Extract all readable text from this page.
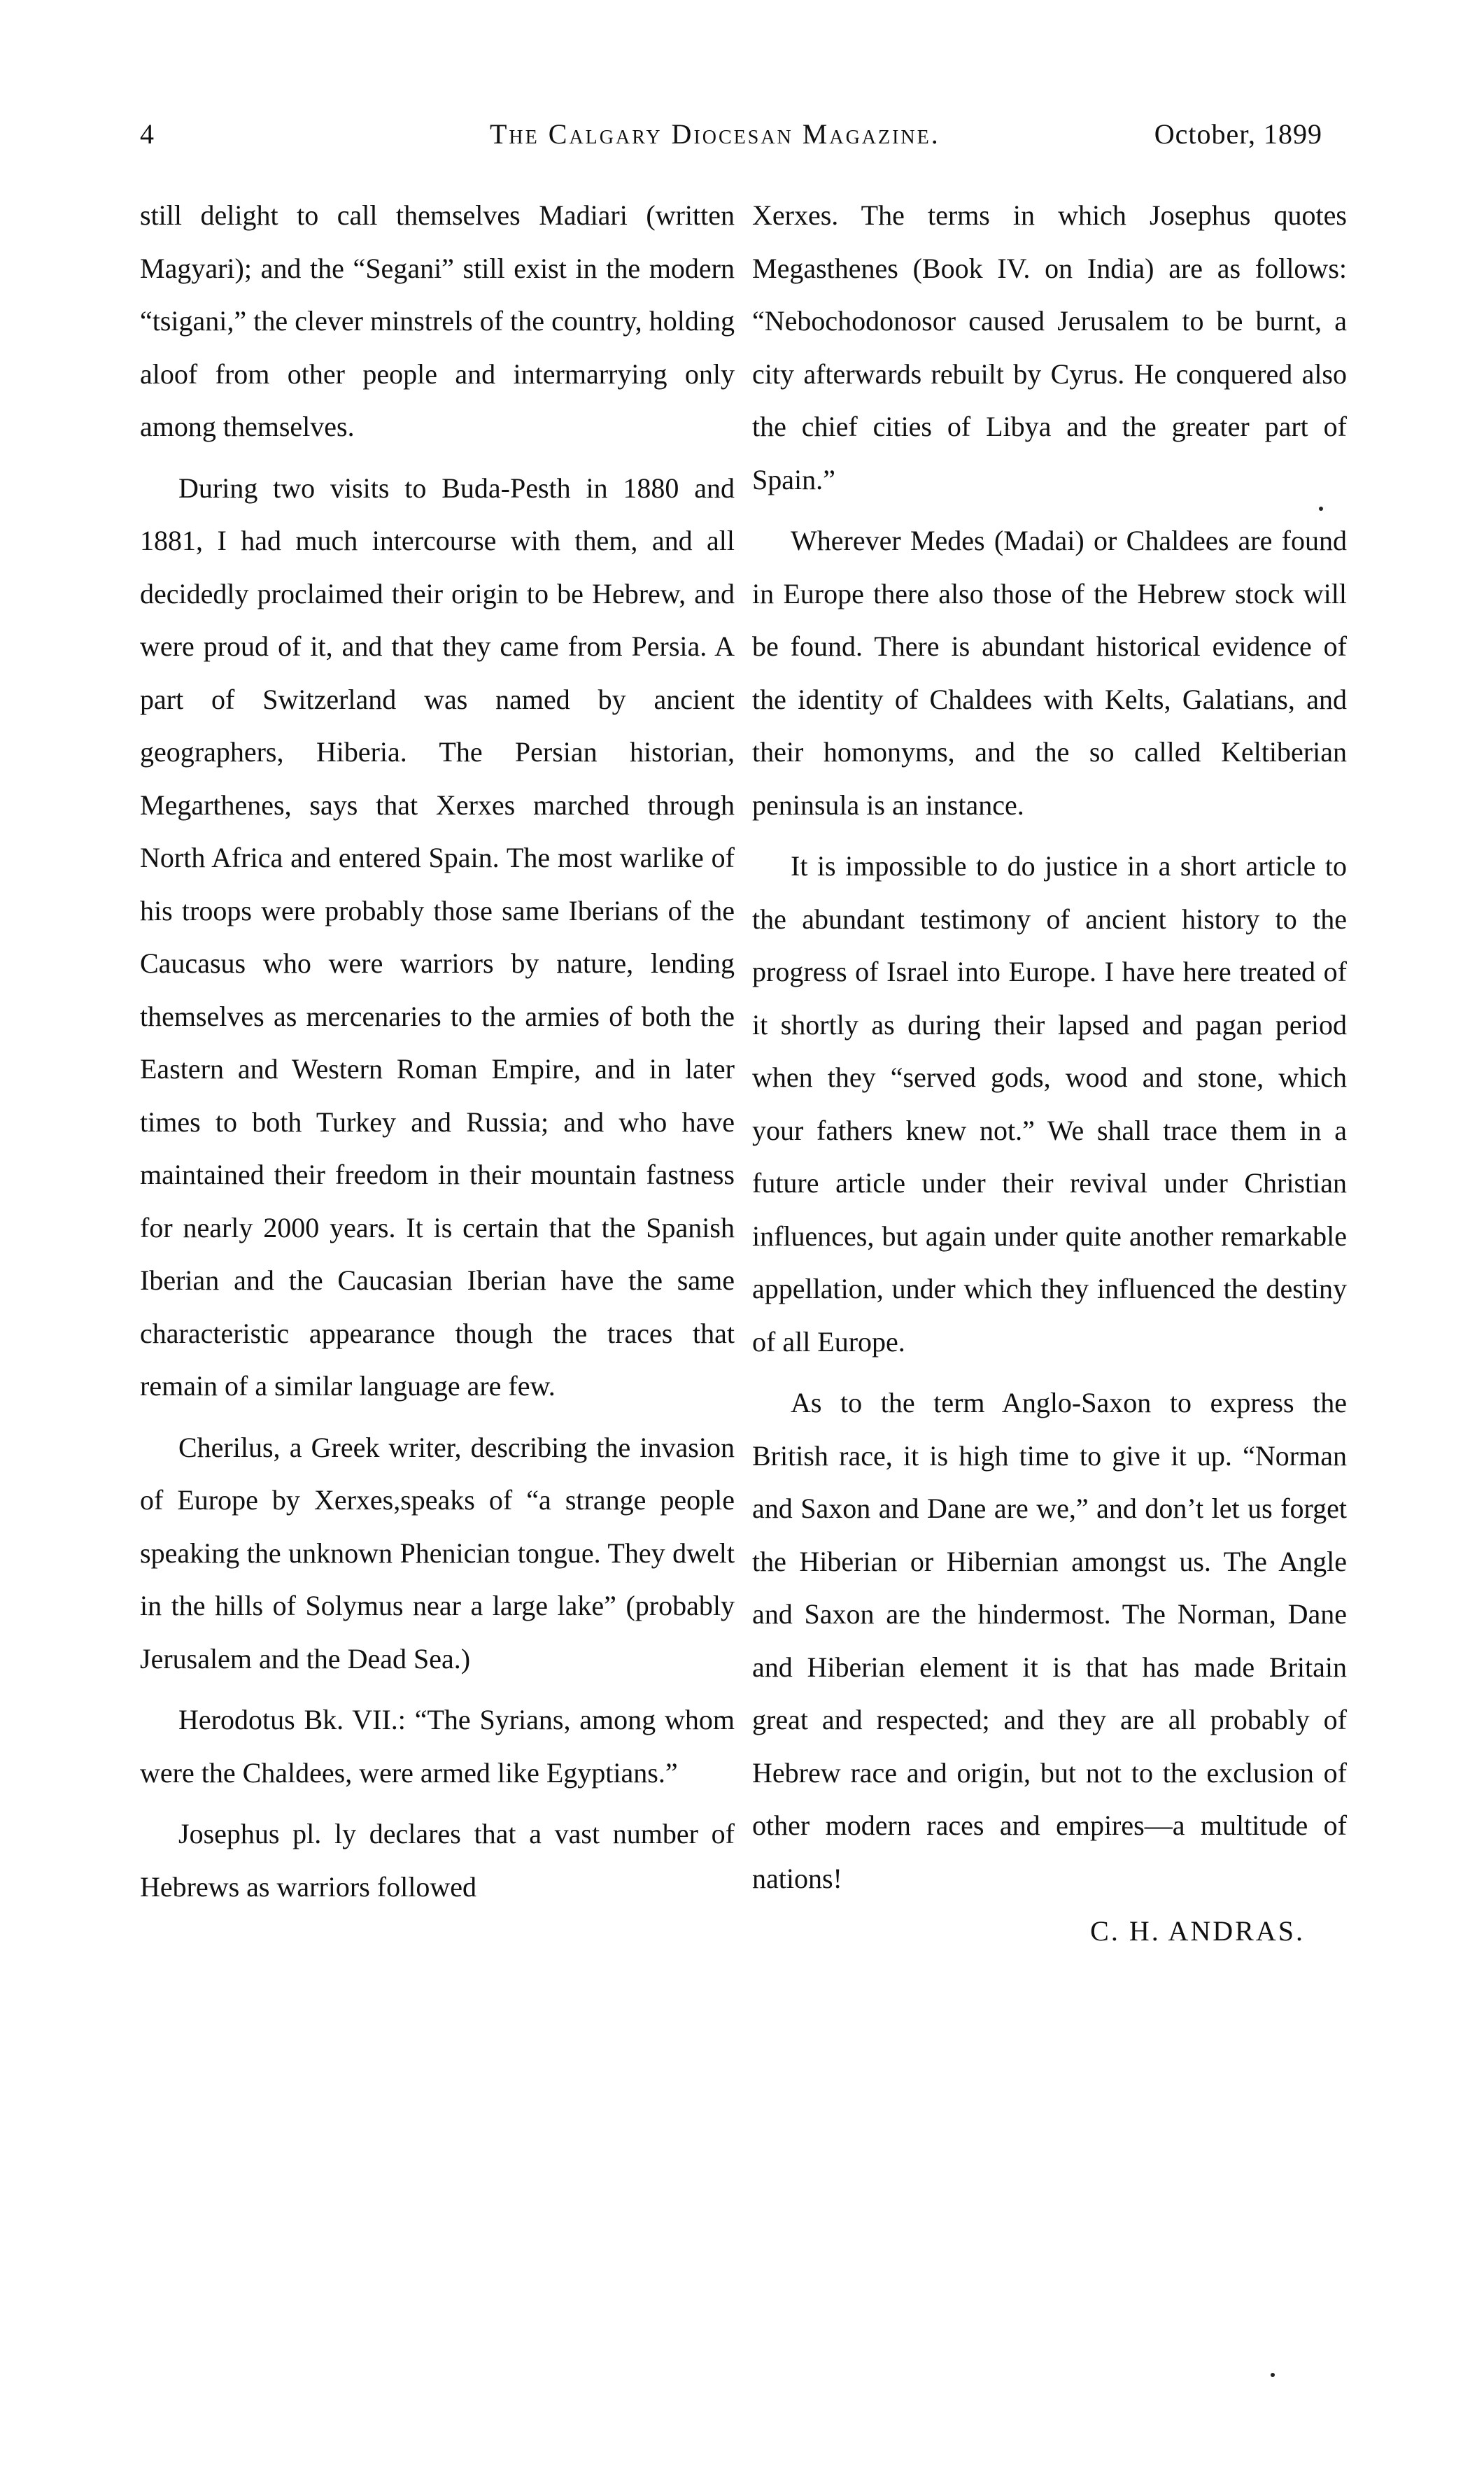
4	The Calgary Diocesan Magazine.	October, 1899

still delight to call themselves Madiari (written Magyari); and the “Segani” still exist in the modern “tsigani,” the clever minstrels of the country, holding aloof from other people and intermarrying only among themselves.

During two visits to Buda-Pesth in 1880 and 1881, I had much intercourse with them, and all decidedly proclaimed their origin to be Hebrew, and were proud of it, and that they came from Persia. A part of Switzerland was named by ancient geographers, Hiberia. The Persian historian, Megarthenes, says that Xerxes marched through North Africa and entered Spain. The most warlike of his troops were probably those same Iberians of the Caucasus who were warriors by nature, lending themselves as mercenaries to the armies of both the Eastern and Western Roman Empire, and in later times to both Turkey and Russia; and who have maintained their freedom in their mountain fastness for nearly 2000 years. It is certain that the Spanish Iberian and the Caucasian Iberian have the same characteristic appearance though the traces that remain of a similar language are few.

Cherilus, a Greek writer, describing the invasion of Europe by Xerxes,speaks of “a strange people speaking the unknown Phenician tongue. They dwelt in the hills of Solymus near a large lake” (probably Jerusalem and the Dead Sea.)

Herodotus Bk. VII.: “The Syrians, among whom were the Chaldees, were armed like Egyptians.”

Josephus pl. ly declares that a vast number of Hebrews as warriors followed

Xerxes. The terms in which Josephus quotes Megasthenes (Book IV. on India) are as follows: “Nebochodonosor caused Jerusalem to be burnt, a city afterwards rebuilt by Cyrus. He conquered also the chief cities of Libya and the greater part of Spain.”

Wherever Medes (Madai) or Chaldees are found in Europe there also those of the Hebrew stock will be found. There is abundant historical evidence of the identity of Chaldees with Kelts, Galatians, and their homonyms, and the so called Keltiberian peninsula is an instance.

It is impossible to do justice in a short article to the abundant testimony of ancient history to the progress of Israel into Europe. I have here treated of it shortly as during their lapsed and pagan period when they “served gods, wood and stone, which your fathers knew not.” We shall trace them in a future article under their revival under Christian influences, but again under quite another remarkable appellation, under which they influenced the destiny of all Europe.

As to the term Anglo-Saxon to express the British race, it is high time to give it up. “Norman and Saxon and Dane are we,” and don’t let us forget the Hiberian or Hibernian amongst us. The Angle and Saxon are the hindermost. The Norman, Dane and Hiberian element it is that has made Britain great and respected; and they are all probably of Hebrew race and origin, but not to the exclusion of other modern races and empires—a multitude of nations!

C. H. ANDRAS.
